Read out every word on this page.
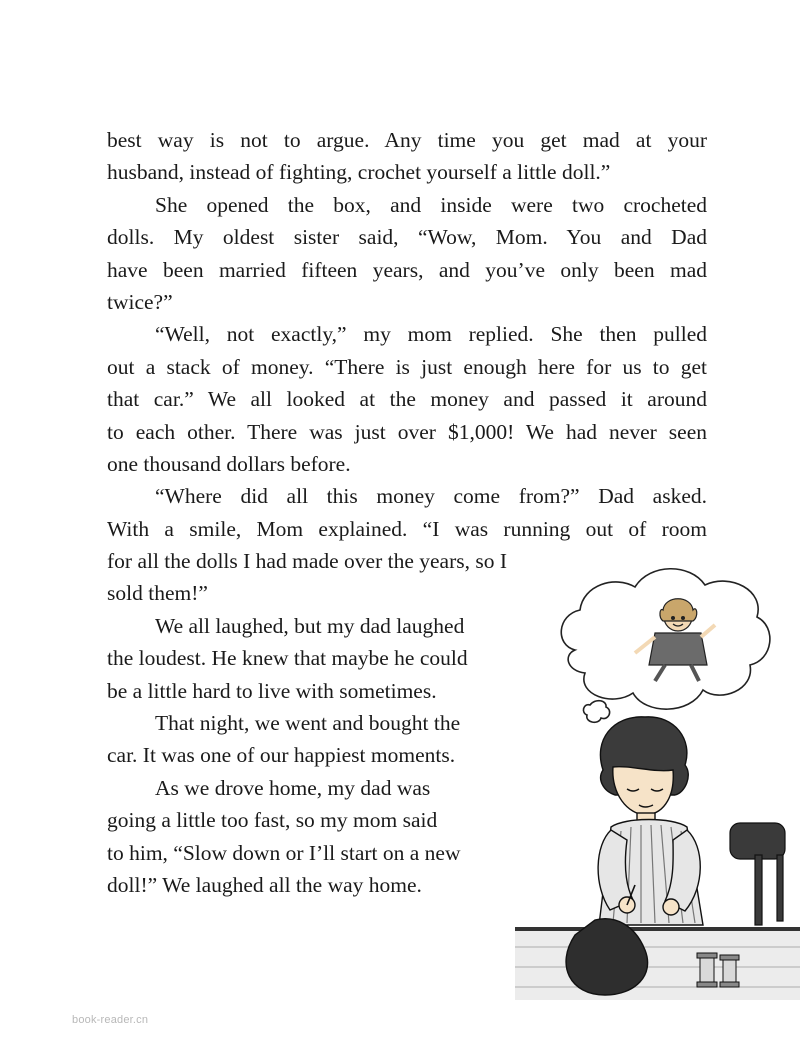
best way is not to argue. Any time you get mad at your
husband, instead of fighting, crochet yourself a little doll.”
She opened the box, and inside were two crocheted
dolls. My oldest sister said, “Wow, Mom. You and Dad
have been married fifteen years, and you’ve only been mad
twice?”
“Well, not exactly,” my mom replied. She then pulled
out a stack of money. “There is just enough here for us to get
that car.” We all looked at the money and passed it around
to each other. There was just over $1,000! We had never seen
one thousand dollars before.
“Where did all this money come from?” Dad asked.
With a smile, Mom explained. “I was running out of room
for all the dolls I had made over the years, so I
sold them!”
We all laughed, but my dad laughed
the loudest. He knew that maybe he could
be a little hard to live with sometimes.
That night, we went and bought the
car. It was one of our happiest moments.
As we drove home, my dad was
going a little too fast, so my mom said
to him, “Slow down or I’ll start on a new
doll!” We laughed all the way home.
book-reader.cn
